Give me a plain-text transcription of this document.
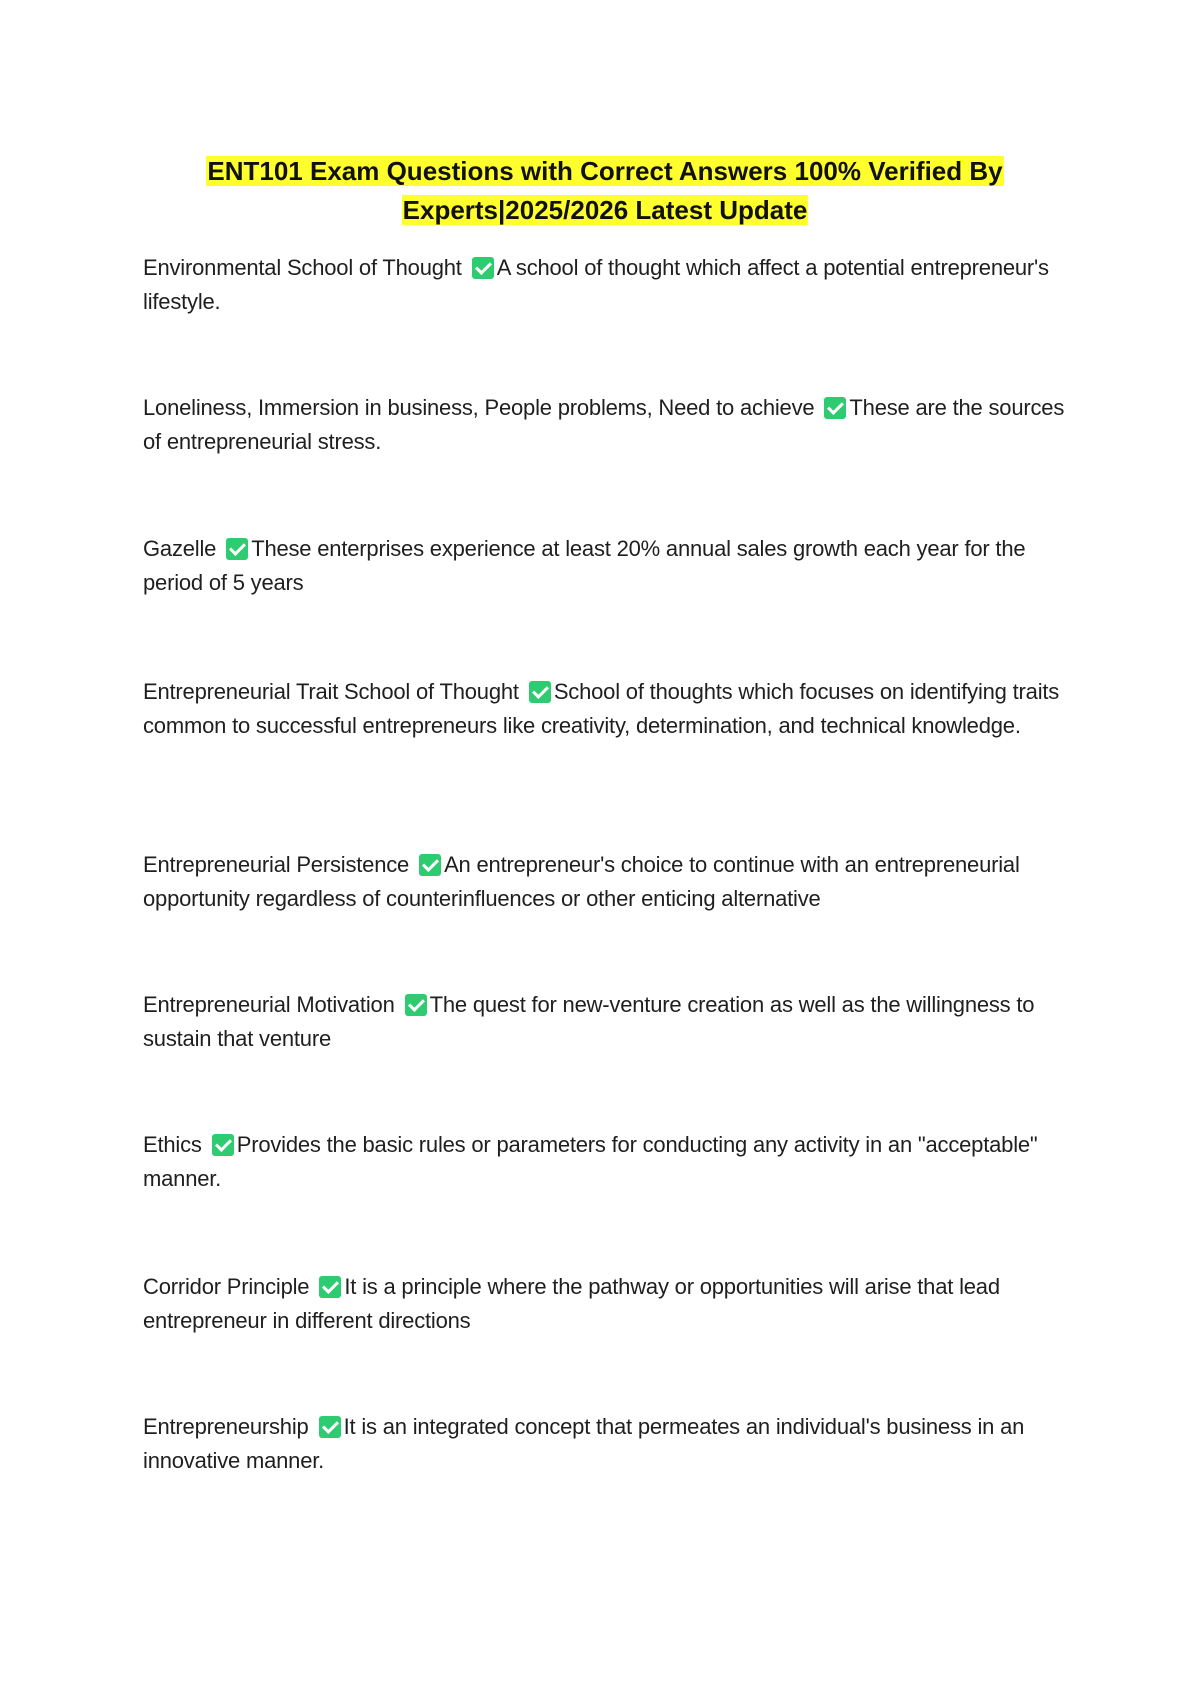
ENT101 Exam Questions with Correct Answers 100% Verified By
Experts|2025/2026 Latest Update

Environmental School of Thought A school of thought which affect a potential entrepreneur's lifestyle.

Loneliness, Immersion in business, People problems, Need to achieve These are the sources of entrepreneurial stress.

Gazelle These enterprises experience at least 20% annual sales growth each year for the period of 5 years

Entrepreneurial Trait School of Thought School of thoughts which focuses on identifying traits common to successful entrepreneurs like creativity, determination, and technical knowledge.

Entrepreneurial Persistence An entrepreneur's choice to continue with an entrepreneurial opportunity regardless of counterinfluences or other enticing alternative

Entrepreneurial Motivation The quest for new-venture creation as well as the willingness to sustain that venture

Ethics Provides the basic rules or parameters for conducting any activity in an "acceptable" manner.

Corridor Principle It is a principle where the pathway or opportunities will arise that lead entrepreneur in different directions

Entrepreneurship It is an integrated concept that permeates an individual's business in an innovative manner.
